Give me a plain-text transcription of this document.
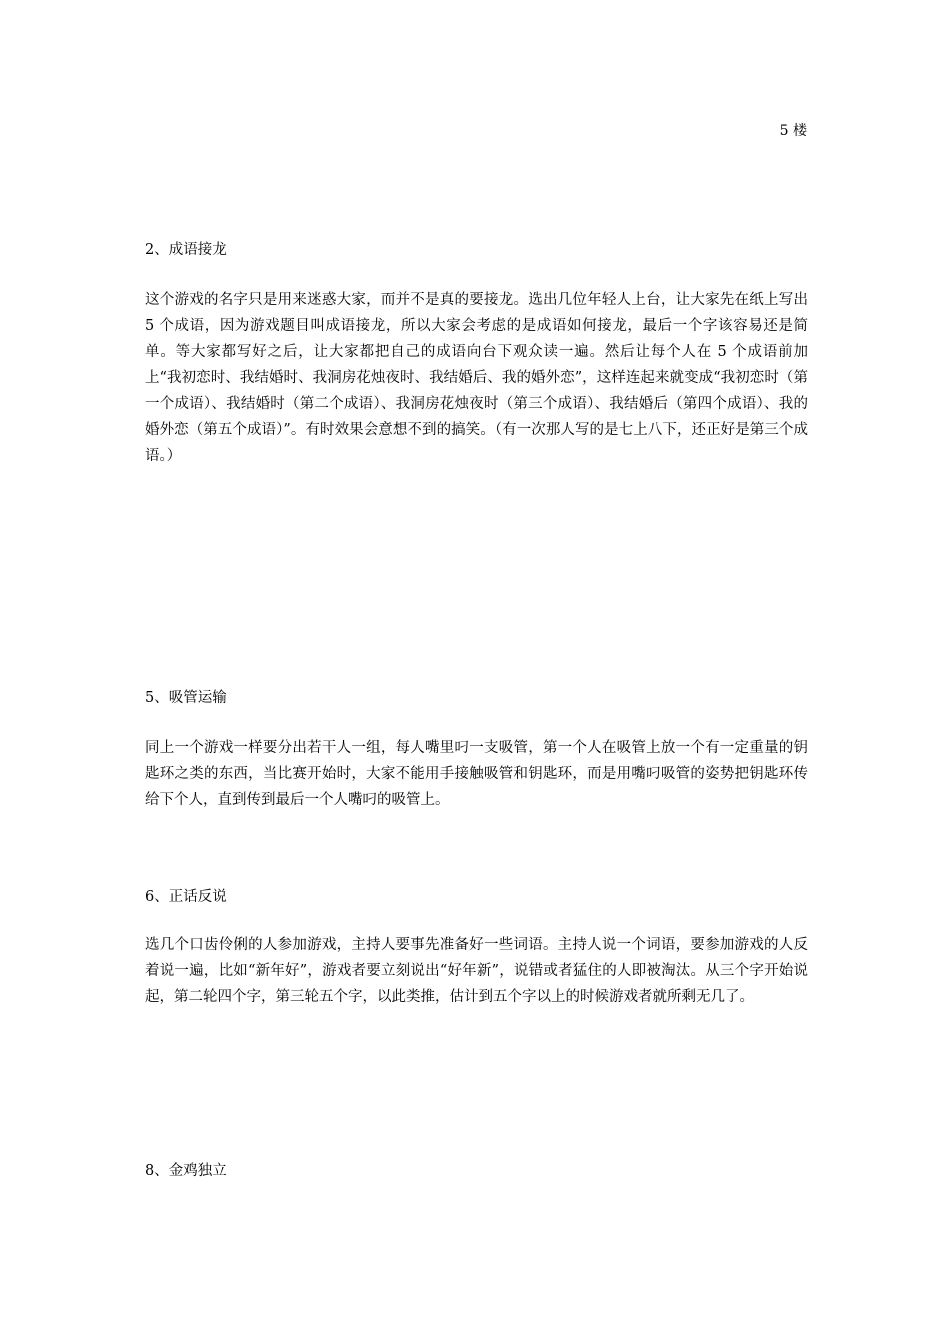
5 楼
2、成语接龙

这个游戏的名字只是用来迷惑大家，而并不是真的要接龙。选出几位年轻人上台，让大家先在纸上写出 5 个成语，因为游戏题目叫成语接龙，所以大家会考虑的是成语如何接龙，最后一个字该容易还是简单。等大家都写好之后，让大家都把自己的成语向台下观众读一遍。然后让每个人在 5 个成语前加上“我初恋时、我结婚时、我洞房花烛夜时、我结婚后、我的婚外恋”，这样连起来就变成“我初恋时（第一个成语）、我结婚时（第二个成语）、我洞房花烛夜时（第三个成语）、我结婚后（第四个成语）、我的婚外恋（第五个成语）”。有时效果会意想不到的搞笑。（有一次那人写的是七上八下，还正好是第三个成语。）

5、吸管运输

同上一个游戏一样要分出若干人一组，每人嘴里叼一支吸管，第一个人在吸管上放一个有一定重量的钥匙环之类的东西，当比赛开始时，大家不能用手接触吸管和钥匙环，而是用嘴叼吸管的姿势把钥匙环传给下个人，直到传到最后一个人嘴叼的吸管上。

6、正话反说

选几个口齿伶俐的人参加游戏，主持人要事先准备好一些词语。主持人说一个词语，要参加游戏的人反着说一遍，比如“新年好”，游戏者要立刻说出“好年新”，说错或者猛住的人即被淘汰。从三个字开始说起，第二轮四个字，第三轮五个字，以此类推，估计到五个字以上的时候游戏者就所剩无几了。

8、金鸡独立
